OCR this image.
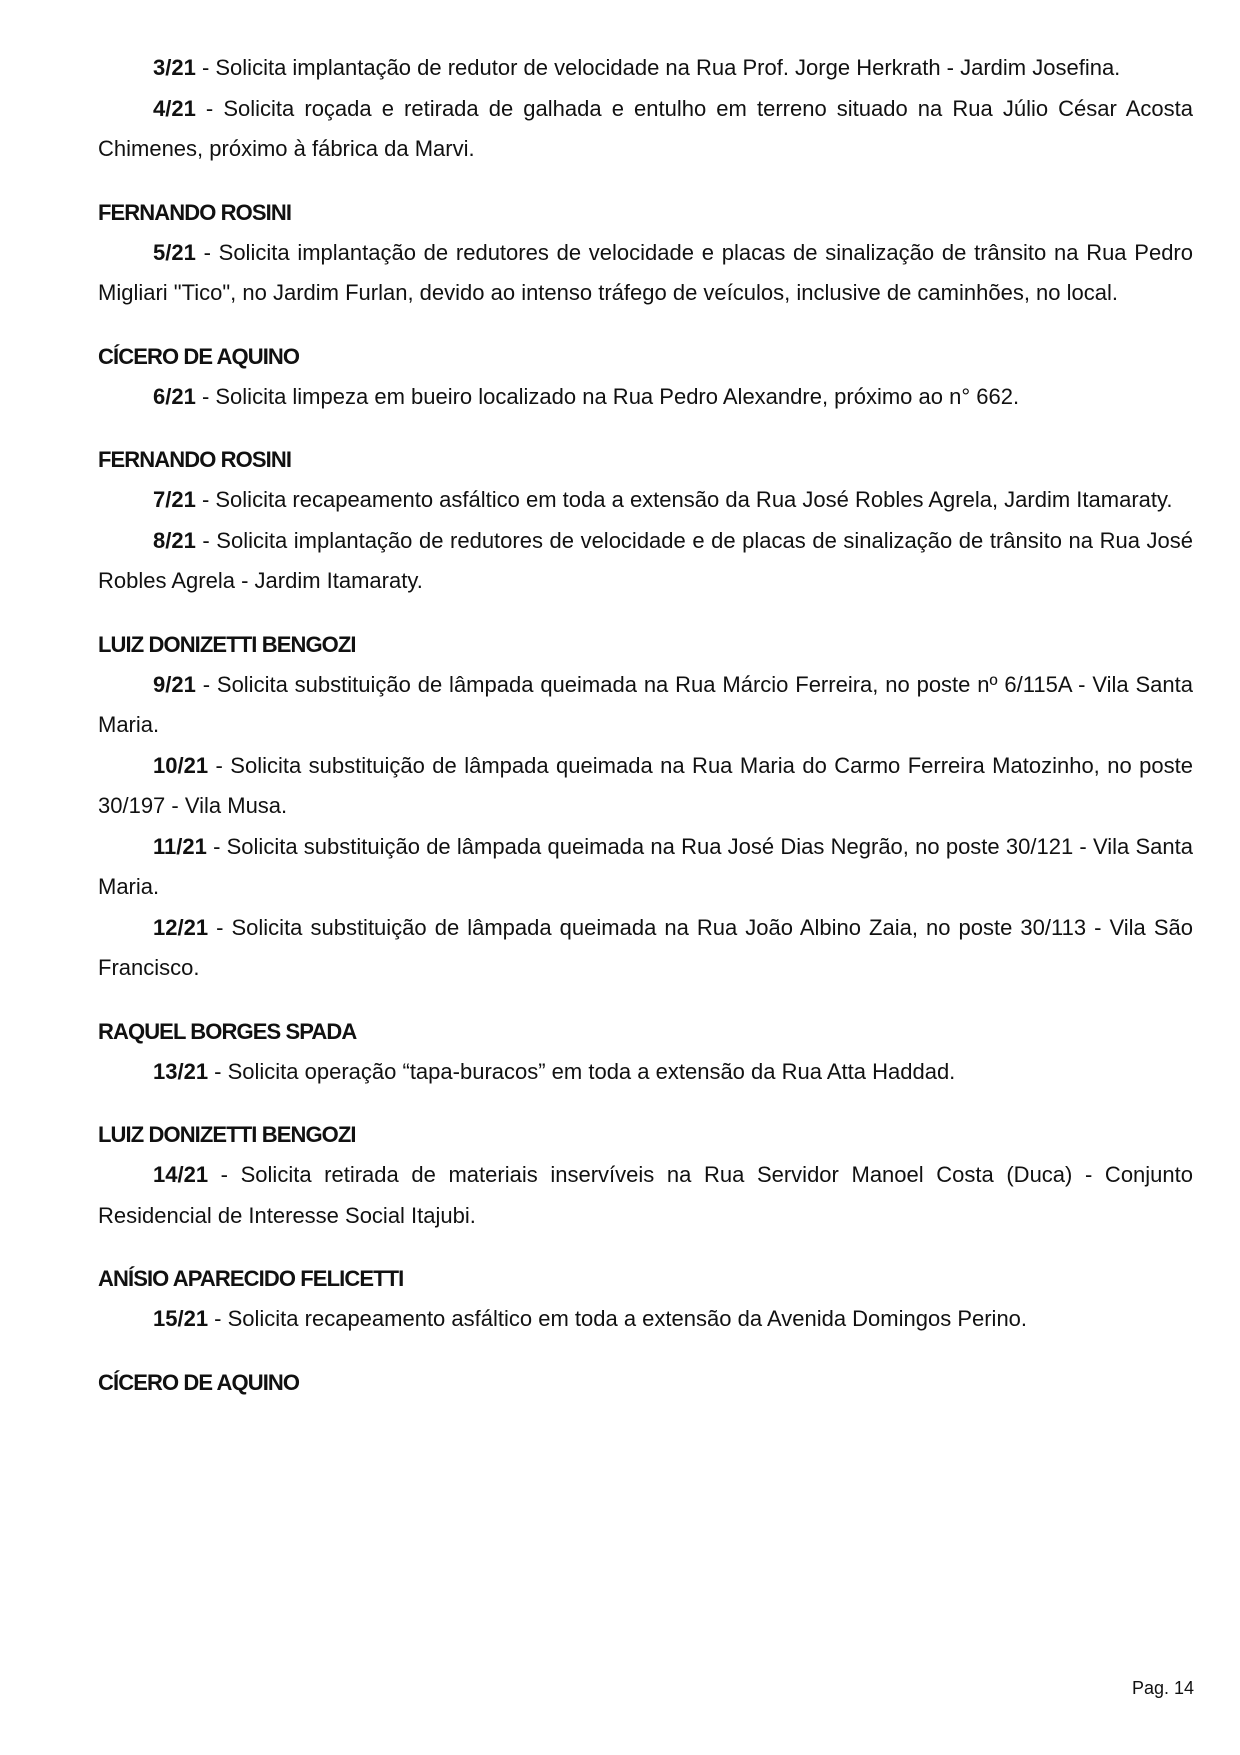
3/21 - Solicita implantação de redutor de velocidade na Rua Prof. Jorge Herkrath - Jardim Josefina.

4/21 - Solicita roçada e retirada de galhada e entulho em terreno situado na Rua Júlio César Acosta Chimenes, próximo à fábrica da Marvi.

FERNANDO ROSINI

5/21 - Solicita implantação de redutores de velocidade e placas de sinalização de trânsito na Rua Pedro Migliari "Tico", no Jardim Furlan, devido ao intenso tráfego de veículos, inclusive de caminhões, no local.

CÍCERO DE AQUINO

6/21 - Solicita limpeza em bueiro localizado na Rua Pedro Alexandre, próximo ao n° 662.

FERNANDO ROSINI

7/21 - Solicita recapeamento asfáltico em toda a extensão da Rua José Robles Agrela, Jardim Itamaraty.

8/21 - Solicita implantação de redutores de velocidade e de placas de sinalização de trânsito na Rua José Robles Agrela - Jardim Itamaraty.

LUIZ DONIZETTI BENGOZI

9/21 - Solicita substituição de lâmpada queimada na Rua Márcio Ferreira, no poste nº 6/115A - Vila Santa Maria.

10/21 - Solicita substituição de lâmpada queimada na Rua Maria do Carmo Ferreira Matozinho, no poste 30/197 - Vila Musa.

11/21 - Solicita substituição de lâmpada queimada na Rua José Dias Negrão, no poste 30/121 - Vila Santa Maria.

12/21 - Solicita substituição de lâmpada queimada na Rua João Albino Zaia, no poste 30/113 - Vila São Francisco.

RAQUEL BORGES SPADA

13/21 - Solicita operação “tapa-buracos” em toda a extensão da Rua Atta Haddad.

LUIZ DONIZETTI BENGOZI

14/21 - Solicita retirada de materiais inservíveis na Rua Servidor Manoel Costa (Duca) - Conjunto Residencial de Interesse Social Itajubi.

ANÍSIO APARECIDO FELICETTI

15/21 - Solicita recapeamento asfáltico em toda a extensão da Avenida Domingos Perino.

CÍCERO DE AQUINO
Pag. 14
